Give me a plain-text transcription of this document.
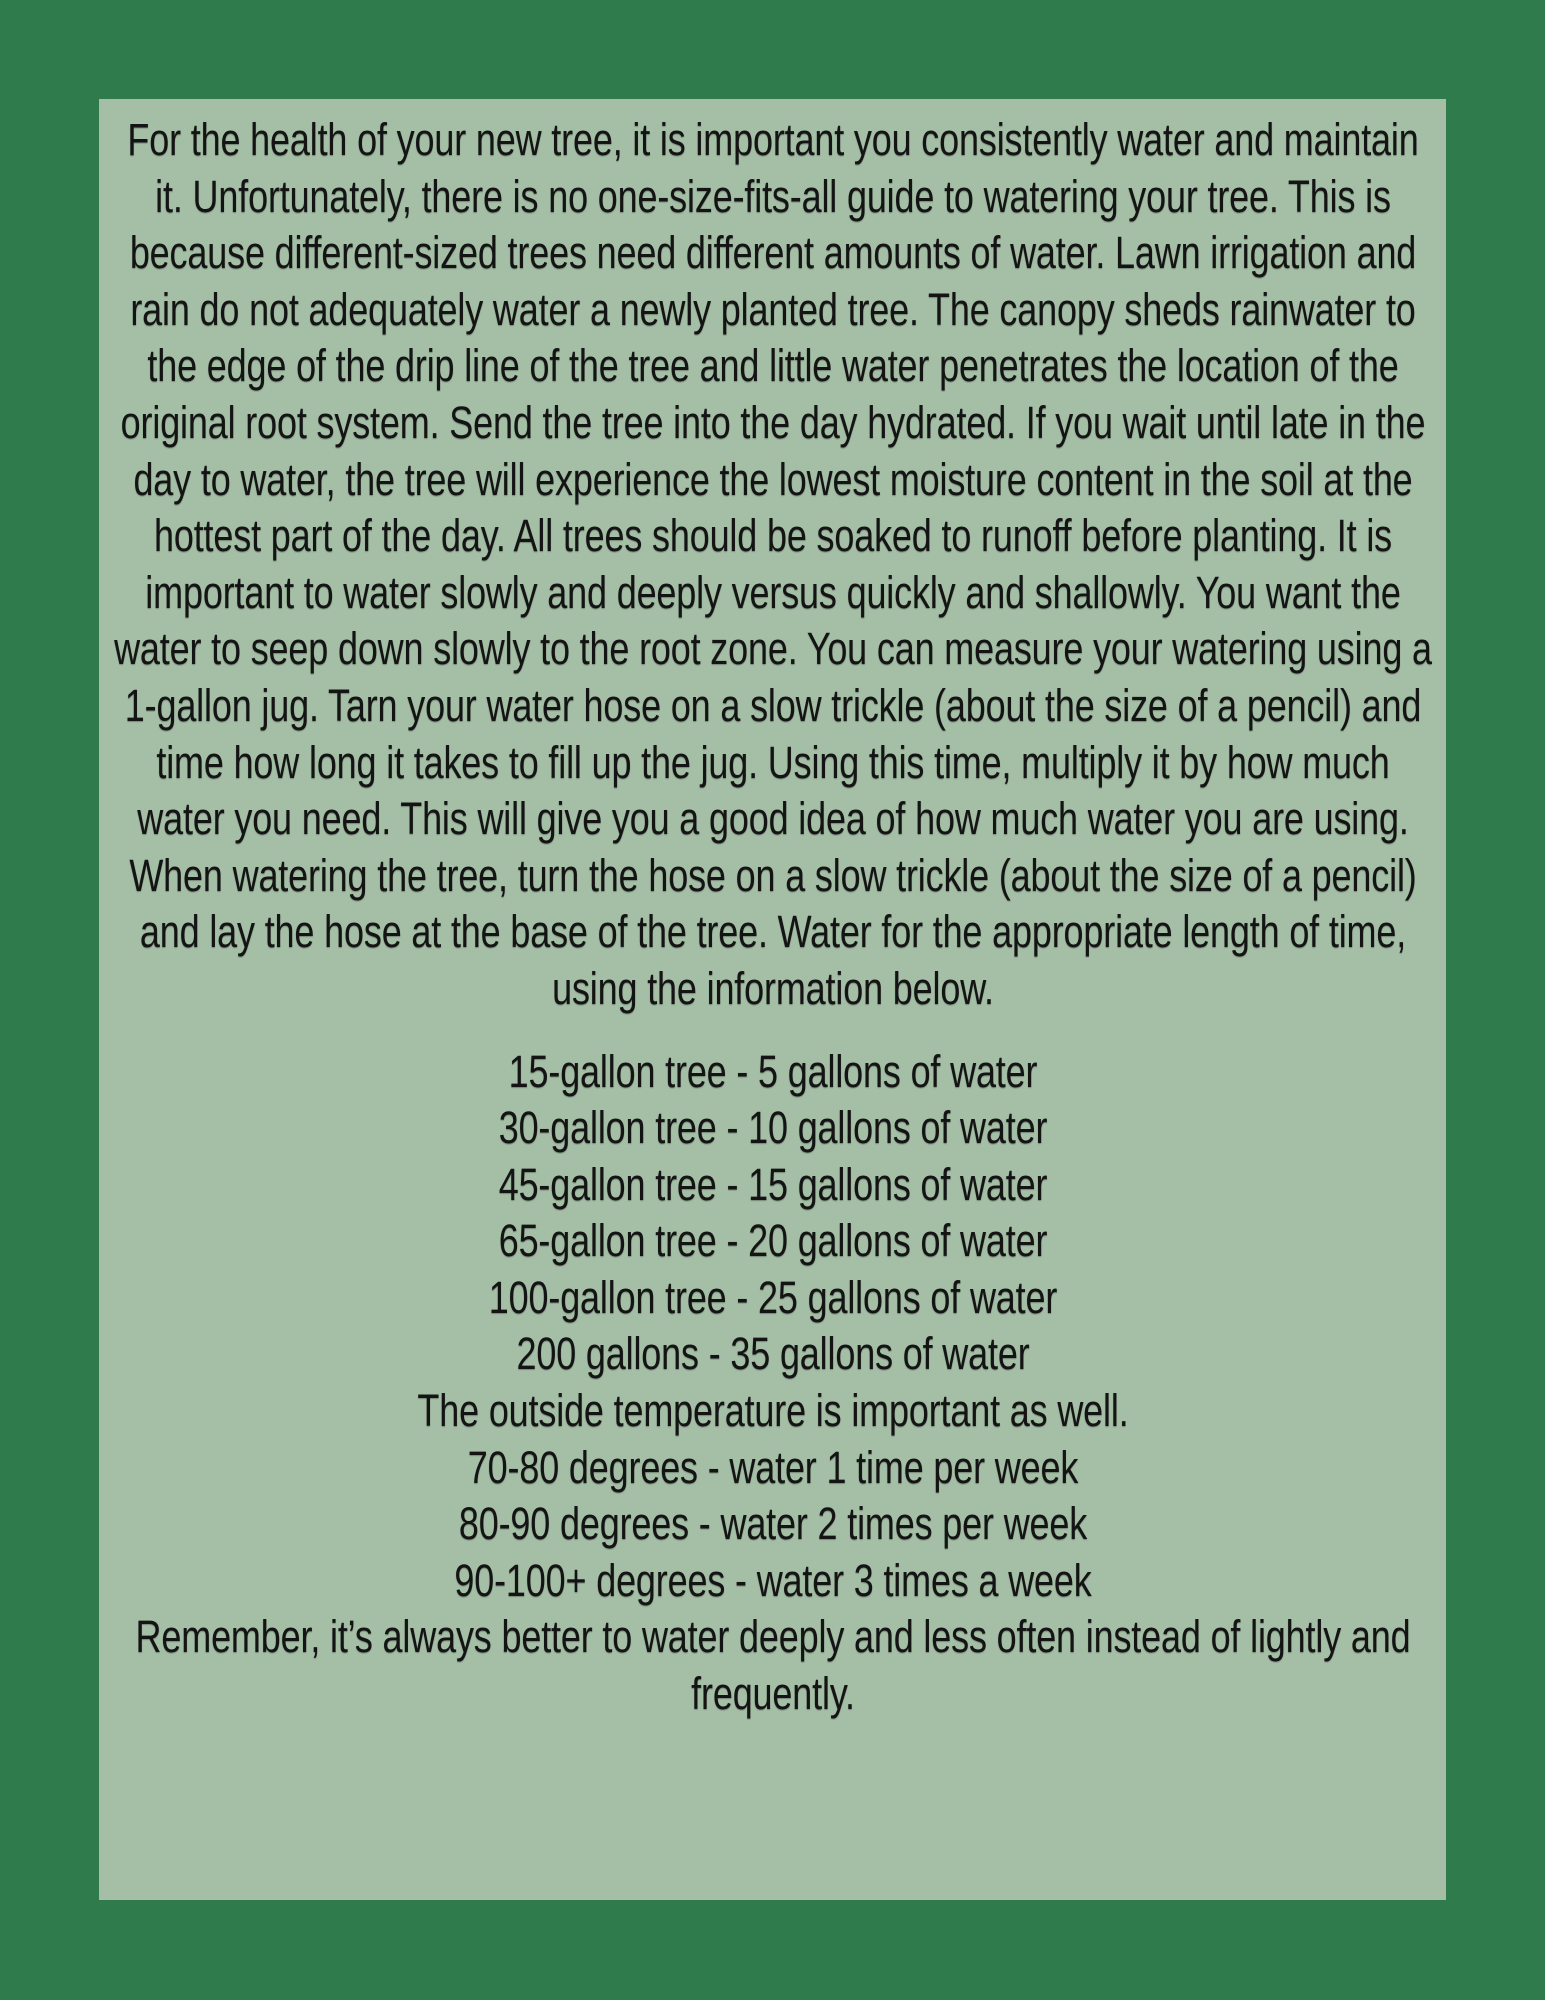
For the health of your new tree, it is important you consistently water and maintain it. Unfortunately, there is no one-size-fits-all guide to watering your tree. This is because different-sized trees need different amounts of water. Lawn irrigation and rain do not adequately water a newly planted tree. The canopy sheds rainwater to the edge of the drip line of the tree and little water penetrates the location of the original root system. Send the tree into the day hydrated. If you wait until late in the day to water, the tree will experience the lowest moisture content in the soil at the hottest part of the day. All trees should be soaked to runoff before planting. It is important to water slowly and deeply versus quickly and shallowly. You want the water to seep down slowly to the root zone. You can measure your watering using a 1-gallon jug. Tarn your water hose on a slow trickle (about the size of a pencil) and time how long it takes to fill up the jug. Using this time, multiply it by how much water you need. This will give you a good idea of how much water you are using. When watering the tree, turn the hose on a slow trickle (about the size of a pencil) and lay the hose at the base of the tree. Water for the appropriate length of time, using the information below.

15-gallon tree - 5 gallons of water

30-gallon tree - 10 gallons of water

45-gallon tree - 15 gallons of water

65-gallon tree - 20 gallons of water

100-gallon tree - 25 gallons of water

200 gallons - 35 gallons of water

The outside temperature is important as well.

70-80 degrees - water 1 time per week

80-90 degrees - water 2 times per week

90-100+ degrees - water 3 times a week

Remember, it’s always better to water deeply and less often instead of lightly and frequently.
